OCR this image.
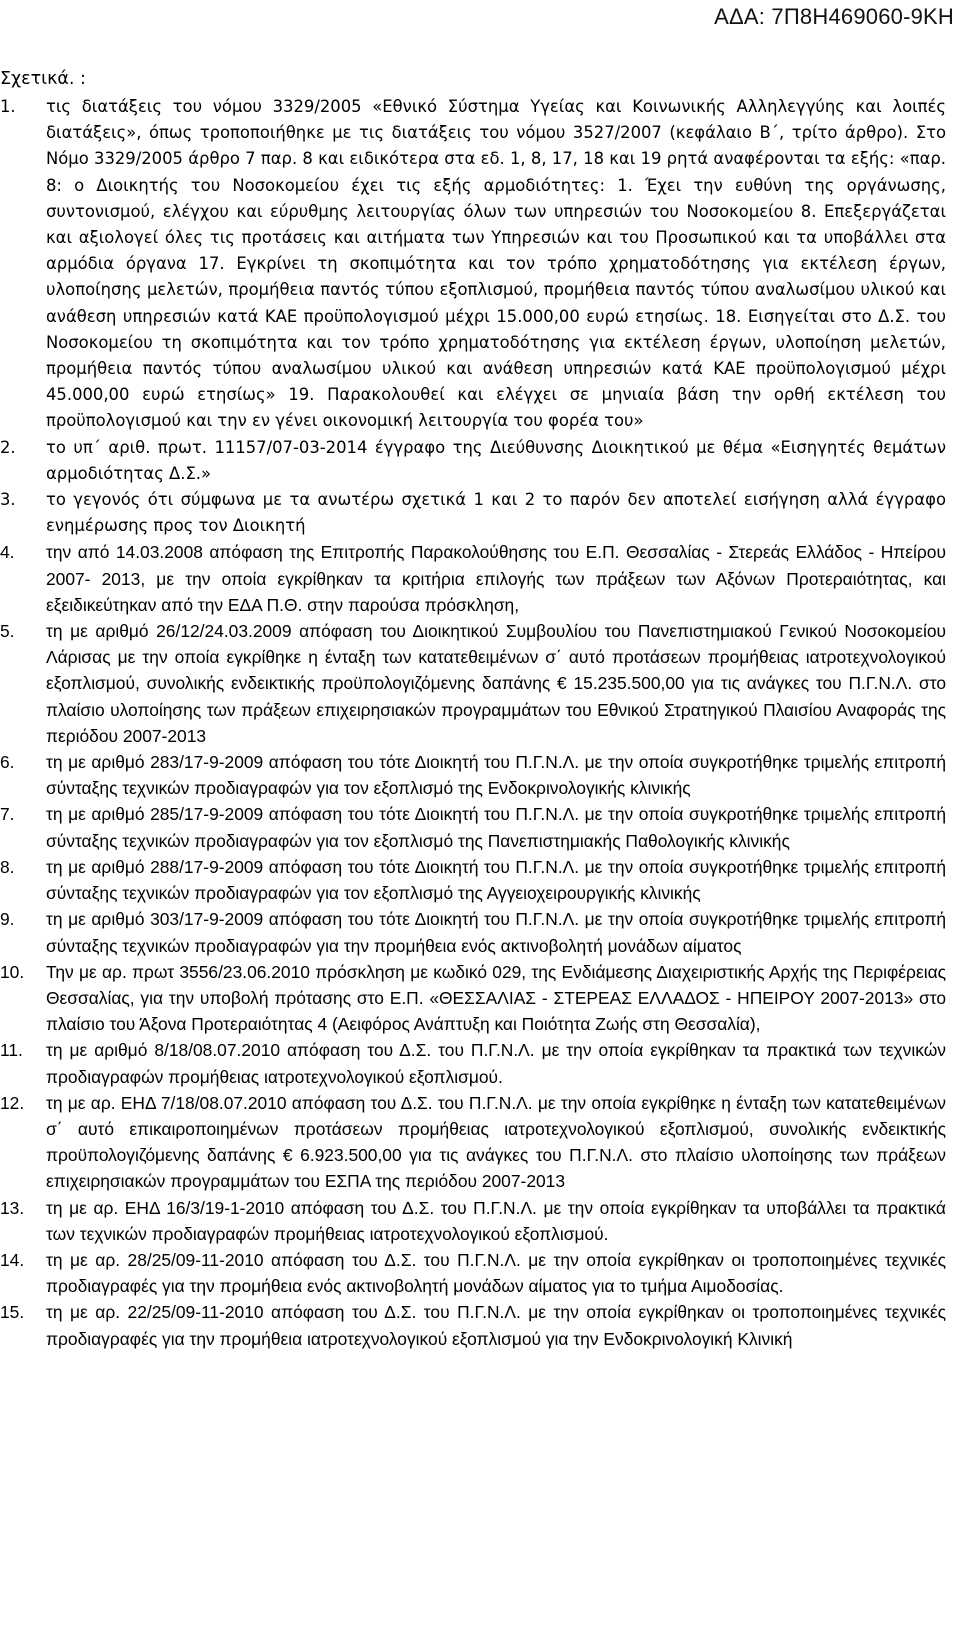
ΑΔΑ: 7Π8Η469060-9ΚΗ
Σχετικά. :
1. τις διατάξεις του νόμου 3329/2005 «Εθνικό Σύστημα Υγείας και Κοινωνικής Αλληλεγγύης και λοιπές διατάξεις», όπως τροποποιήθηκε με τις διατάξεις του νόμου 3527/2007 (κεφάλαιο Β΄, τρίτο άρθρο). Στο Νόμο 3329/2005 άρθρο 7 παρ. 8 και ειδικότερα στα εδ. 1, 8, 17, 18 και 19 ρητά αναφέρονται τα εξής: «παρ. 8: ο Διοικητής του Νοσοκομείου έχει τις εξής αρμοδιότητες: 1. Έχει την ευθύνη της οργάνωσης, συντονισμού, ελέγχου και εύρυθμης λειτουργίας όλων των υπηρεσιών του Νοσοκομείου 8. Επεξεργάζεται και αξιολογεί όλες τις προτάσεις και αιτήματα των Υπηρεσιών και του Προσωπικού και τα υποβάλλει στα αρμόδια όργανα 17. Εγκρίνει τη σκοπιμότητα και τον τρόπο χρηματοδότησης για εκτέλεση έργων, υλοποίησης μελετών, προμήθεια παντός τύπου εξοπλισμού, προμήθεια παντός τύπου αναλωσίμου υλικού και ανάθεση υπηρεσιών κατά ΚΑΕ προϋπολογισμού μέχρι 15.000,00 ευρώ ετησίως. 18. Εισηγείται στο Δ.Σ. του Νοσοκομείου τη σκοπιμότητα και τον τρόπο χρηματοδότησης για εκτέλεση έργων, υλοποίηση μελετών, προμήθεια παντός τύπου αναλωσίμου υλικού και ανάθεση υπηρεσιών κατά ΚΑΕ προϋπολογισμού μέχρι 45.000,00 ευρώ ετησίως» 19. Παρακολουθεί και ελέγχει σε μηνιαία βάση την ορθή εκτέλεση του προϋπολογισμού και την εν γένει οικονομική λειτουργία του φορέα του»
2. το υπ΄ αριθ. πρωτ. 11157/07-03-2014 έγγραφο της Διεύθυνσης Διοικητικού με θέμα «Εισηγητές θεμάτων αρμοδιότητας Δ.Σ.»
3. το γεγονός ότι σύμφωνα με τα ανωτέρω σχετικά 1 και 2 το παρόν δεν αποτελεί εισήγηση αλλά έγγραφο ενημέρωσης προς τον Διοικητή
4. την από 14.03.2008 απόφαση της Επιτροπής Παρακολούθησης του Ε.Π. Θεσσαλίας - Στερεάς Ελλάδος - Ηπείρου 2007- 2013, με την οποία εγκρίθηκαν τα κριτήρια επιλογής των πράξεων των Αξόνων Προτεραιότητας, και εξειδικεύτηκαν από την ΕΔΑ Π.Θ. στην παρούσα πρόσκληση,
5. τη με αριθμό 26/12/24.03.2009 απόφαση του Διοικητικού Συμβουλίου του Πανεπιστημιακού Γενικού Νοσοκομείου Λάρισας με την οποία εγκρίθηκε η ένταξη των κατατεθειμένων σ΄ αυτό προτάσεων προμήθειας ιατροτεχνολογικού εξοπλισμού, συνολικής ενδεικτικής προϋπολογιζόμενης δαπάνης € 15.235.500,00 για τις ανάγκες του Π.Γ.Ν.Λ. στο πλαίσιο υλοποίησης των πράξεων επιχειρησιακών προγραμμάτων του Εθνικού Στρατηγικού Πλαισίου Αναφοράς της περιόδου 2007-2013
6. τη με αριθμό 283/17-9-2009 απόφαση του τότε Διοικητή του Π.Γ.Ν.Λ. με την οποία συγκροτήθηκε τριμελής επιτροπή σύνταξης τεχνικών προδιαγραφών για τον εξοπλισμό της Ενδοκρινολογικής κλινικής
7. τη με αριθμό 285/17-9-2009 απόφαση του τότε Διοικητή του Π.Γ.Ν.Λ. με την οποία συγκροτήθηκε τριμελής επιτροπή σύνταξης τεχνικών προδιαγραφών για τον εξοπλισμό της Πανεπιστημιακής Παθολογικής κλινικής
8. τη με αριθμό 288/17-9-2009 απόφαση του τότε Διοικητή του Π.Γ.Ν.Λ. με την οποία συγκροτήθηκε τριμελής επιτροπή σύνταξης τεχνικών προδιαγραφών για τον εξοπλισμό της Αγγειοχειρουργικής κλινικής
9. τη με αριθμό 303/17-9-2009 απόφαση του τότε Διοικητή του Π.Γ.Ν.Λ. με την οποία συγκροτήθηκε τριμελής επιτροπή σύνταξης τεχνικών προδιαγραφών για την προμήθεια ενός ακτινοβολητή μονάδων αίματος
10. Την με αρ. πρωτ 3556/23.06.2010 πρόσκληση με κωδικό 029, της Ενδιάμεσης Διαχειριστικής Αρχής της Περιφέρειας Θεσσαλίας, για την υποβολή πρότασης στο Ε.Π. «ΘΕΣΣΑΛΙΑΣ - ΣΤΕΡΕΑΣ ΕΛΛΑΔΟΣ - ΗΠΕΙΡΟΥ 2007-2013» στο πλαίσιο του Άξονα Προτεραιότητας 4 (Αειφόρος Ανάπτυξη και Ποιότητα Ζωής στη Θεσσαλία),
11. τη με αριθμό 8/18/08.07.2010 απόφαση του Δ.Σ. του Π.Γ.Ν.Λ. με την οποία εγκρίθηκαν τα πρακτικά των τεχνικών προδιαγραφών προμήθειας ιατροτεχνολογικού εξοπλισμού.
12. τη με αρ. ΕΗΔ 7/18/08.07.2010 απόφαση του Δ.Σ. του Π.Γ.Ν.Λ. με την οποία εγκρίθηκε η ένταξη των κατατεθειμένων σ΄ αυτό επικαιροποιημένων προτάσεων προμήθειας ιατροτεχνολογικού εξοπλισμού, συνολικής ενδεικτικής προϋπολογιζόμενης δαπάνης € 6.923.500,00 για τις ανάγκες του Π.Γ.Ν.Λ. στο πλαίσιο υλοποίησης των πράξεων επιχειρησιακών προγραμμάτων του ΕΣΠΑ της περιόδου 2007-2013
13. τη με αρ. ΕΗΔ 16/3/19-1-2010 απόφαση του Δ.Σ. του Π.Γ.Ν.Λ. με την οποία εγκρίθηκαν τα υποβάλλει τα πρακτικά των τεχνικών προδιαγραφών προμήθειας ιατροτεχνολογικού εξοπλισμού.
14. τη με αρ. 28/25/09-11-2010 απόφαση του Δ.Σ. του Π.Γ.Ν.Λ. με την οποία εγκρίθηκαν οι τροποποιημένες τεχνικές προδιαγραφές για την προμήθεια ενός ακτινοβολητή μονάδων αίματος για το τμήμα Αιμοδοσίας.
15. τη με αρ. 22/25/09-11-2010 απόφαση του Δ.Σ. του Π.Γ.Ν.Λ. με την οποία εγκρίθηκαν οι τροποποιημένες τεχνικές προδιαγραφές για την προμήθεια ιατροτεχνολογικού εξοπλισμού για την Ενδοκρινολογική Κλινική
